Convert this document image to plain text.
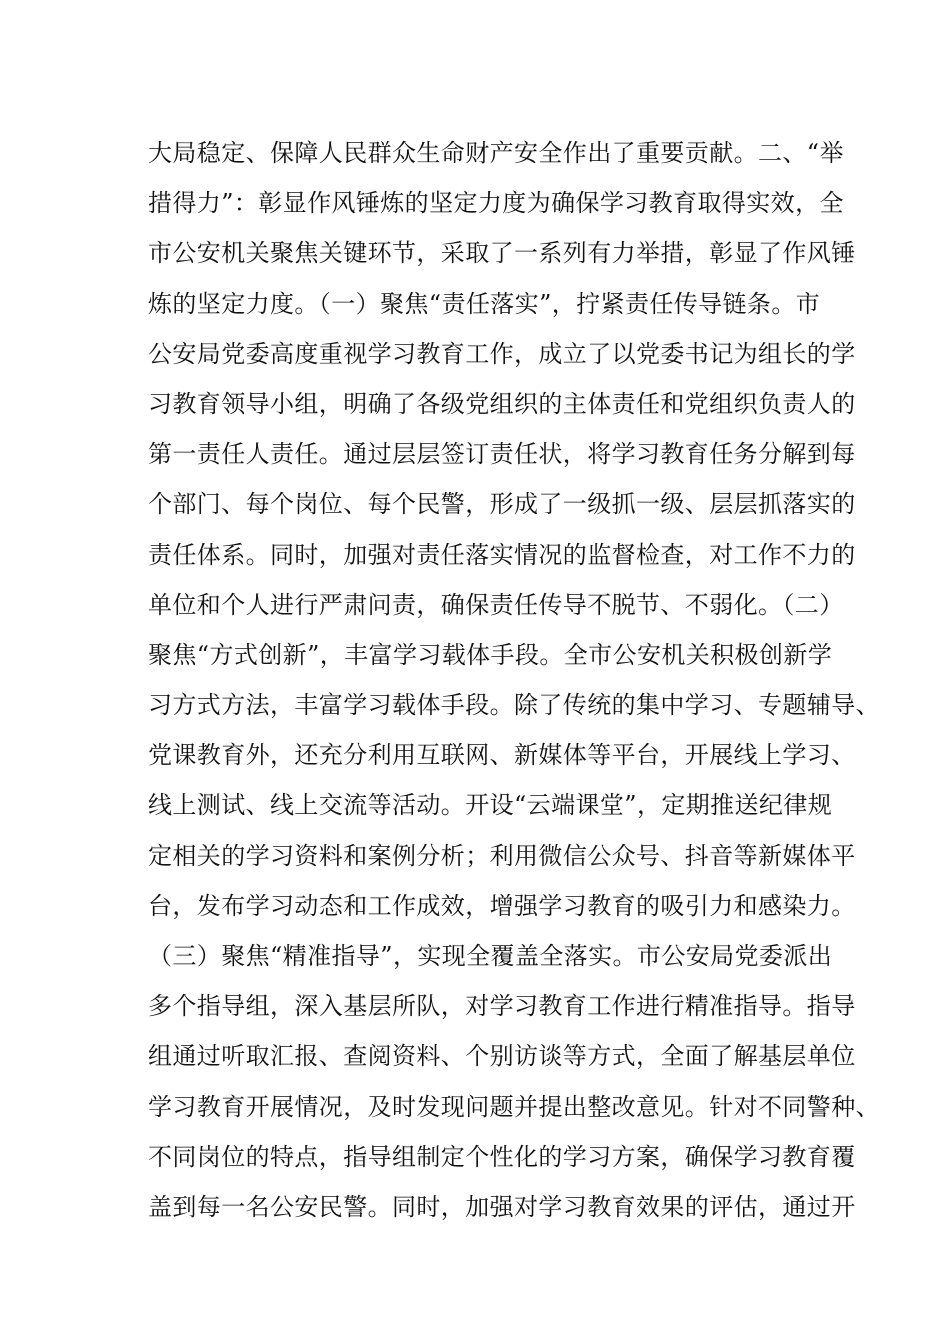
大局稳定、保障人民群众生命财产安全作出了重要贡献。二、“举
措得力”：彰显作风锤炼的坚定力度为确保学习教育取得实效，全
市公安机关聚焦关键环节，采取了一系列有力举措，彰显了作风锤
炼的坚定力度。（一）聚焦“责任落实”，拧紧责任传导链条。市
公安局党委高度重视学习教育工作，成立了以党委书记为组长的学
习教育领导小组，明确了各级党组织的主体责任和党组织负责人的
第一责任人责任。通过层层签订责任状，将学习教育任务分解到每
个部门、每个岗位、每个民警，形成了一级抓一级、层层抓落实的
责任体系。同时，加强对责任落实情况的监督检查，对工作不力的
单位和个人进行严肃问责，确保责任传导不脱节、不弱化。（二）
聚焦“方式创新”，丰富学习载体手段。全市公安机关积极创新学
习方式方法，丰富学习载体手段。除了传统的集中学习、专题辅导、
党课教育外，还充分利用互联网、新媒体等平台，开展线上学习、
线上测试、线上交流等活动。开设“云端课堂”，定期推送纪律规
定相关的学习资料和案例分析；利用微信公众号、抖音等新媒体平
台，发布学习动态和工作成效，增强学习教育的吸引力和感染力。
（三）聚焦“精准指导”，实现全覆盖全落实。市公安局党委派出
多个指导组，深入基层所队，对学习教育工作进行精准指导。指导
组通过听取汇报、查阅资料、个别访谈等方式，全面了解基层单位
学习教育开展情况，及时发现问题并提出整改意见。针对不同警种、
不同岗位的特点，指导组制定个性化的学习方案，确保学习教育覆
盖到每一名公安民警。同时，加强对学习教育效果的评估，通过开
